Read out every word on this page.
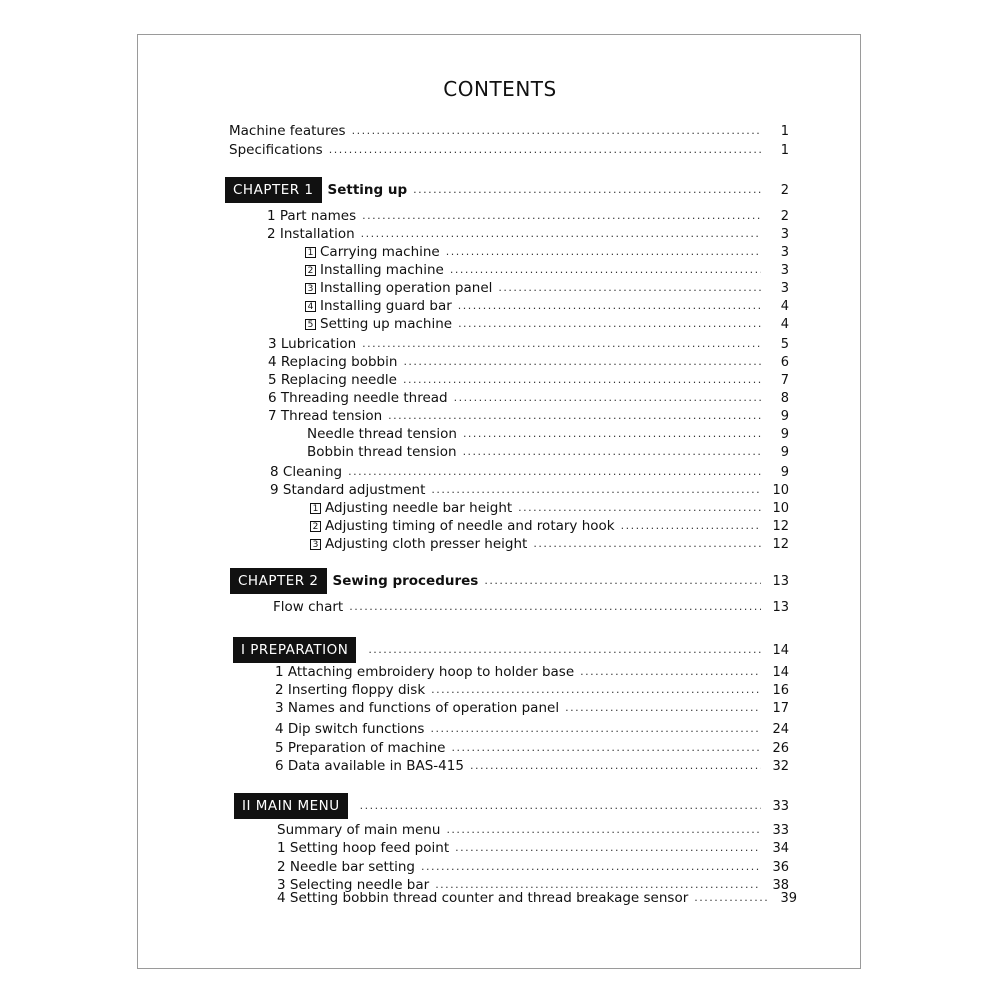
CONTENTS
Machine features .....	1
Specifications .....	1
CHAPTER 1	Setting up .....	2
1 Part names .....	2
2 Installation .....	3
1 Carrying machine .....	3
2 Installing machine .....	3
3 Installing operation panel .....	3
4 Installing guard bar .....	4
5 Setting up machine .....	4
3 Lubrication .....	5
4 Replacing bobbin .....	6
5 Replacing needle .....	7
6 Threading needle thread .....	8
7 Thread tension .....	9
Needle thread tension .....	9
Bobbin thread tension .....	9
8 Cleaning .....	9
9 Standard adjustment .....	10
1 Adjusting needle bar height .....	10
2 Adjusting timing of needle and rotary hook .....	12
3 Adjusting cloth presser height .....	12
CHAPTER 2	Sewing procedures .....	13
Flow chart .....	13
I PREPARATION .....	14
1 Attaching embroidery hoop to holder base .....	14
2 Inserting floppy disk .....	16
3 Names and functions of operation panel .....	17
4 Dip switch functions .....	24
5 Preparation of machine .....	26
6 Data available in BAS-415 .....	32
II MAIN MENU .....	33
Summary of main menu .....	33
1 Setting hoop feed point .....	34
2 Needle bar setting .....	36
3 Selecting needle bar .....	38
4 Setting bobbin thread counter and thread breakage sensor .....	39
